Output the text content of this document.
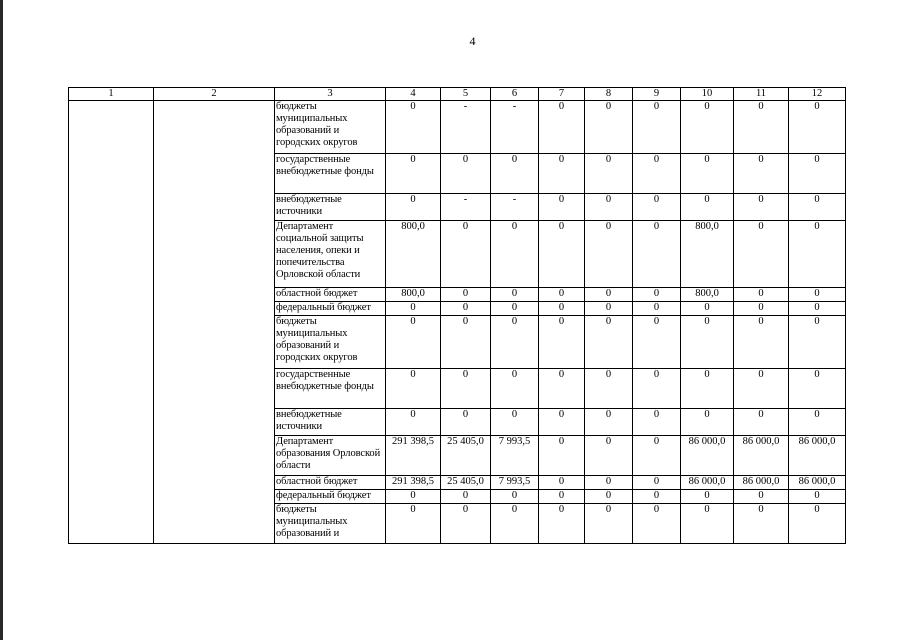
4
1	2	3	4	5	6	7	8	9	10	11	12
		бюджеты муниципальных образований и городских округов	0	-	-	0	0	0	0	0	0
		государственные внебюджетные фонды	0	0	0	0	0	0	0	0	0
		внебюджетные источники	0	-	-	0	0	0	0	0	0
		Департамент социальной защиты населения, опеки и попечительства Орловской области	800,0	0	0	0	0	0	800,0	0	0
		областной бюджет	800,0	0	0	0	0	0	800,0	0	0
		федеральный бюджет	0	0	0	0	0	0	0	0	0
		бюджеты муниципальных образований и городских округов	0	0	0	0	0	0	0	0	0
		государственные внебюджетные фонды	0	0	0	0	0	0	0	0	0
		внебюджетные источники	0	0	0	0	0	0	0	0	0
		Департамент образования Орловской области	291 398,5	25 405,0	7 993,5	0	0	0	86 000,0	86 000,0	86 000,0
		областной бюджет	291 398,5	25 405,0	7 993,5	0	0	0	86 000,0	86 000,0	86 000,0
		федеральный бюджет	0	0	0	0	0	0	0	0	0
		бюджеты муниципальных образований и	0	0	0	0	0	0	0	0	0
